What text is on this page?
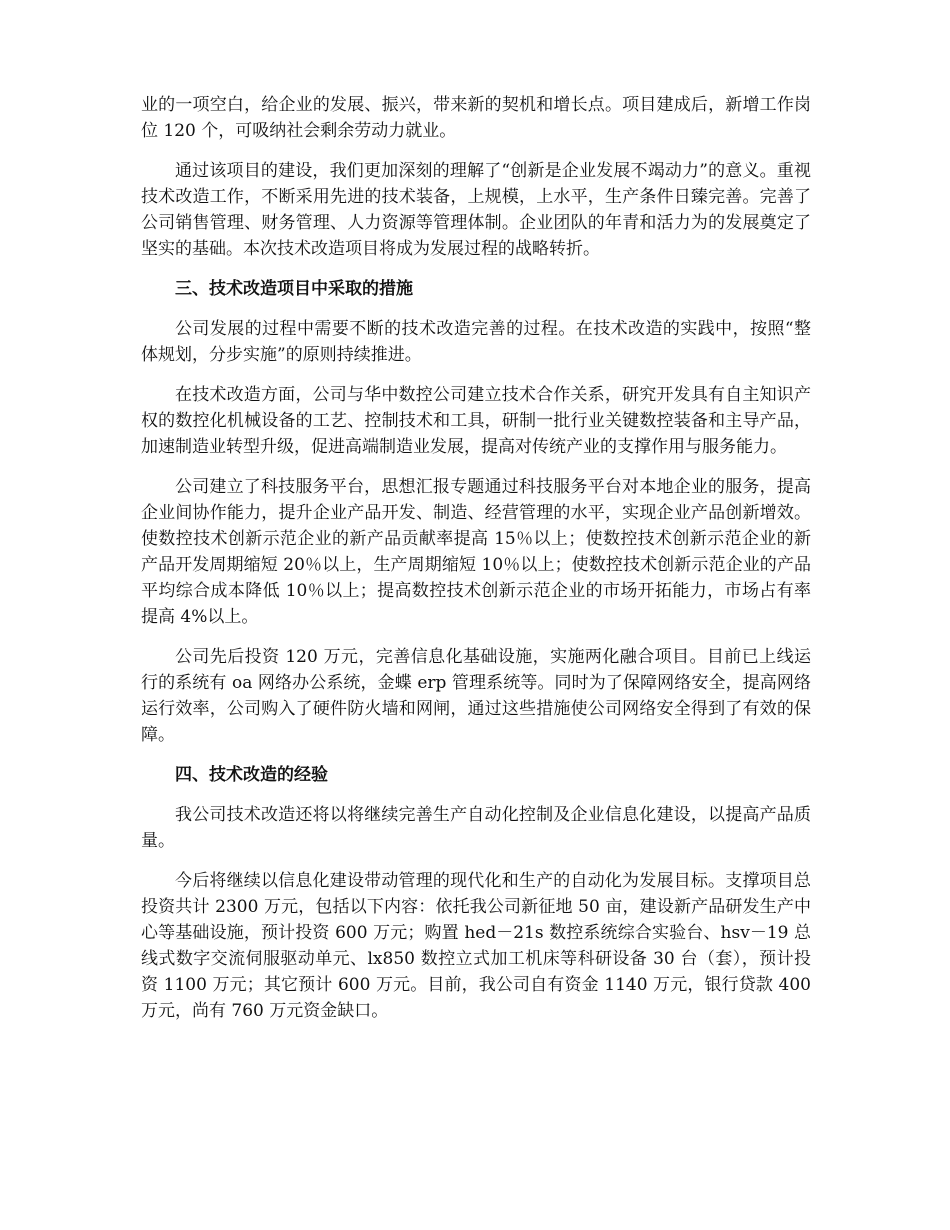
业的一项空白，给企业的发展、振兴，带来新的契机和增长点。项目建成后，新增工作岗位 120 个，可吸纳社会剩余劳动力就业。

通过该项目的建设，我们更加深刻的理解了“创新是企业发展不竭动力”的意义。重视技术改造工作，不断采用先进的技术装备，上规模，上水平，生产条件日臻完善。完善了公司销售管理、财务管理、人力资源等管理体制。企业团队的年青和活力为的发展奠定了坚实的基础。本次技术改造项目将成为发展过程的战略转折。

三、技术改造项目中采取的措施

公司发展的过程中需要不断的技术改造完善的过程。在技术改造的实践中，按照“整体规划，分步实施”的原则持续推进。

在技术改造方面，公司与华中数控公司建立技术合作关系，研究开发具有自主知识产权的数控化机械设备的工艺、控制技术和工具，研制一批行业关键数控装备和主导产品，加速制造业转型升级，促进高端制造业发展，提高对传统产业的支撑作用与服务能力。

公司建立了科技服务平台，思想汇报专题通过科技服务平台对本地企业的服务，提高企业间协作能力，提升企业产品开发、制造、经营管理的水平，实现企业产品创新增效。使数控技术创新示范企业的新产品贡献率提高 15％以上；使数控技术创新示范企业的新产品开发周期缩短 20％以上，生产周期缩短 10％以上；使数控技术创新示范企业的产品平均综合成本降低 10％以上；提高数控技术创新示范企业的市场开拓能力，市场占有率提高 4%以上。

公司先后投资 120 万元，完善信息化基础设施，实施两化融合项目。目前已上线运行的系统有 oa 网络办公系统，金蝶 erp 管理系统等。同时为了保障网络安全，提高网络运行效率，公司购入了硬件防火墙和网闸，通过这些措施使公司网络安全得到了有效的保障。

四、技术改造的经验

我公司技术改造还将以将继续完善生产自动化控制及企业信息化建设，以提高产品质量。

今后将继续以信息化建设带动管理的现代化和生产的自动化为发展目标。支撑项目总投资共计 2300 万元，包括以下内容：依托我公司新征地 50 亩，建设新产品研发生产中心等基础设施，预计投资 600 万元；购置 hed－21s 数控系统综合实验台、hsv－19 总线式数字交流伺服驱动单元、lx850 数控立式加工机床等科研设备 30 台（套），预计投资 1100 万元；其它预计 600 万元。目前，我公司自有资金 1140 万元，银行贷款 400 万元，尚有 760 万元资金缺口。
